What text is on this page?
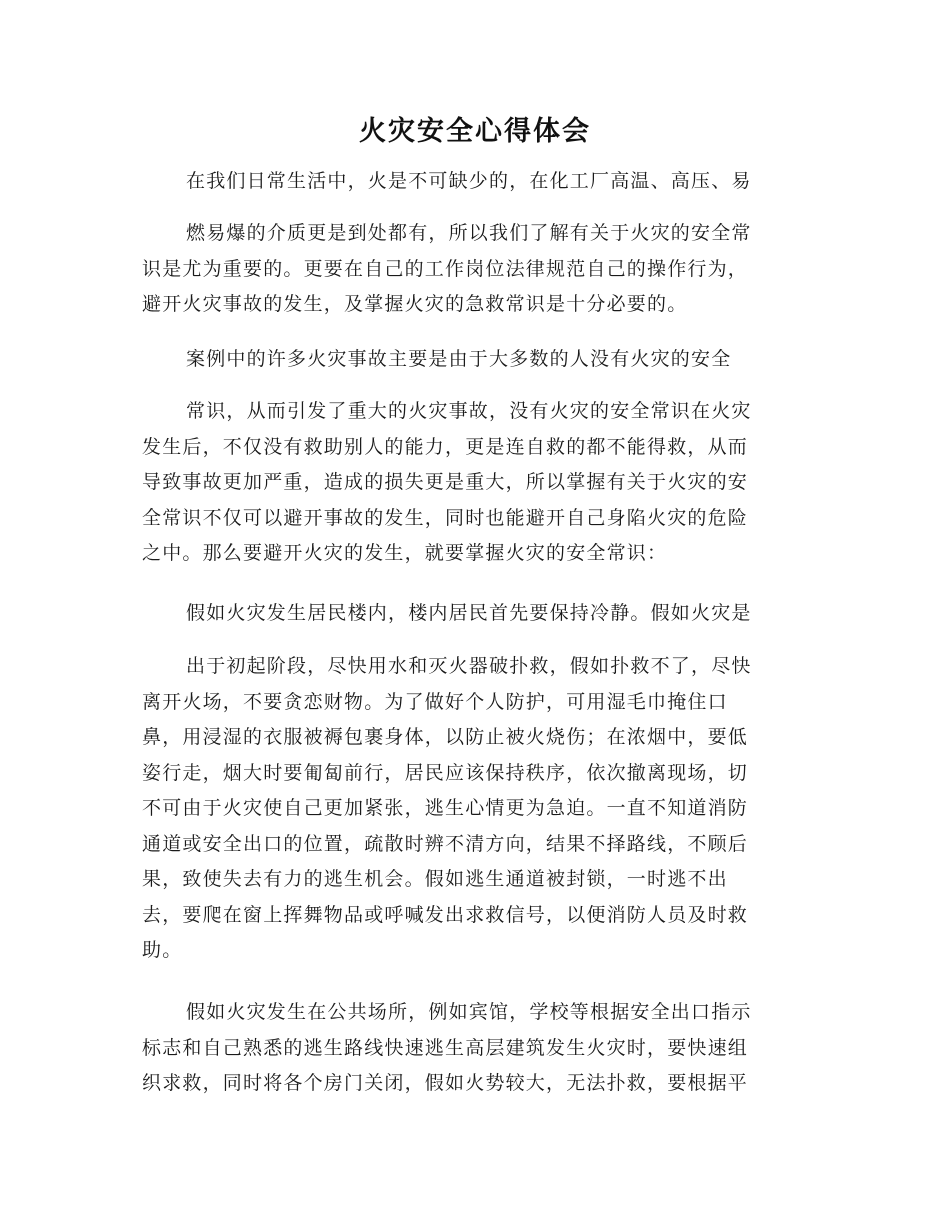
火灾安全心得体会

在我们日常生活中，火是不可缺少的，在化工厂高温、高压、易

燃易爆的介质更是到处都有，所以我们了解有关于火灾的安全常
识是尤为重要的。更要在自己的工作岗位法律规范自己的操作行为，
避开火灾事故的发生，及掌握火灾的急救常识是十分必要的。

案例中的许多火灾事故主要是由于大多数的人没有火灾的安全

常识，从而引发了重大的火灾事故，没有火灾的安全常识在火灾
发生后，不仅没有救助别人的能力，更是连自救的都不能得救，从而
导致事故更加严重，造成的损失更是重大，所以掌握有关于火灾的安
全常识不仅可以避开事故的发生，同时也能避开自己身陷火灾的危险
之中。那么要避开火灾的发生，就要掌握火灾的安全常识：

假如火灾发生居民楼内，楼内居民首先要保持冷静。假如火灾是

出于初起阶段，尽快用水和灭火器破扑救，假如扑救不了，尽快
离开火场，不要贪恋财物。为了做好个人防护，可用湿毛巾掩住口
鼻，用浸湿的衣服被褥包裹身体，以防止被火烧伤；在浓烟中，要低
姿行走，烟大时要匍匐前行，居民应该保持秩序，依次撤离现场，切
不可由于火灾使自己更加紧张，逃生心情更为急迫。一直不知道消防
通道或安全出口的位置，疏散时辨不清方向，结果不择路线，不顾后
果，致使失去有力的逃生机会。假如逃生通道被封锁，一时逃不出
去，要爬在窗上挥舞物品或呼喊发出求救信号，以便消防人员及时救
助。

假如火灾发生在公共场所，例如宾馆，学校等根据安全出口指示
标志和自己熟悉的逃生路线快速逃生高层建筑发生火灾时，要快速组
织求救，同时将各个房门关闭，假如火势较大，无法扑救，要根据平
